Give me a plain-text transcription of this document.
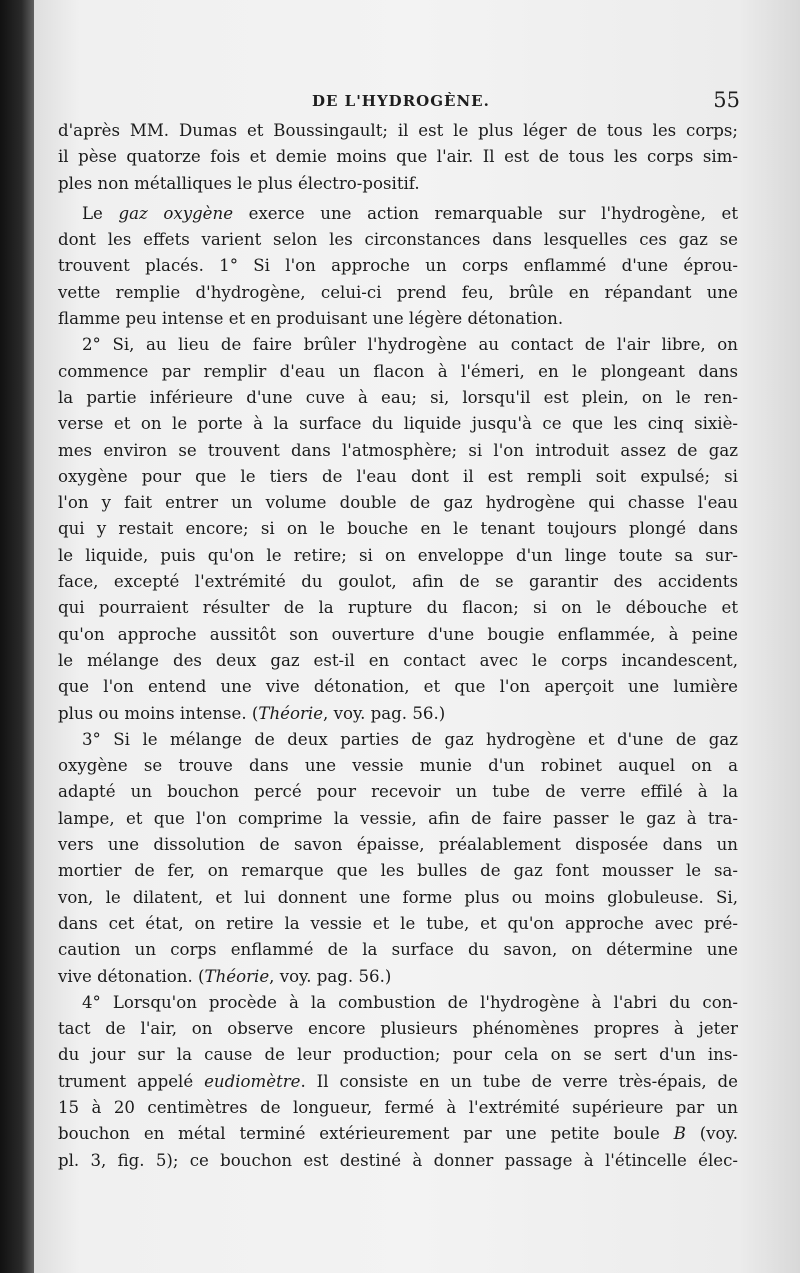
DE L'HYDROGÈNE.	55
d'après MM. Dumas et Boussingault; il est le plus léger de tous les corps;
il pèse quatorze fois et demie moins que l'air. Il est de tous les corps sim-
ples non métalliques le plus électro-positif.
Le gaz oxygène exerce une action remarquable sur l'hydrogène, et
dont les effets varient selon les circonstances dans lesquelles ces gaz se
trouvent placés. 1° Si l'on approche un corps enflammé d'une éprou-
vette remplie d'hydrogène, celui-ci prend feu, brûle en répandant une
flamme peu intense et en produisant une légère détonation.
2° Si, au lieu de faire brûler l'hydrogène au contact de l'air libre, on
commence par remplir d'eau un flacon à l'émeri, en le plongeant dans
la partie inférieure d'une cuve à eau; si, lorsqu'il est plein, on le ren-
verse et on le porte à la surface du liquide jusqu'à ce que les cinq sixiè-
mes environ se trouvent dans l'atmosphère; si l'on introduit assez de gaz
oxygène pour que le tiers de l'eau dont il est rempli soit expulsé; si
l'on y fait entrer un volume double de gaz hydrogène qui chasse l'eau
qui y restait encore; si on le bouche en le tenant toujours plongé dans
le liquide, puis qu'on le retire; si on enveloppe d'un linge toute sa sur-
face, excepté l'extrémité du goulot, afin de se garantir des accidents
qui pourraient résulter de la rupture du flacon; si on le débouche et
qu'on approche aussitôt son ouverture d'une bougie enflammée, à peine
le mélange des deux gaz est-il en contact avec le corps incandescent,
que l'on entend une vive détonation, et que l'on aperçoit une lumière
plus ou moins intense. (Théorie, voy. pag. 56.)
3° Si le mélange de deux parties de gaz hydrogène et d'une de gaz
oxygène se trouve dans une vessie munie d'un robinet auquel on a
adapté un bouchon percé pour recevoir un tube de verre effilé à la
lampe, et que l'on comprime la vessie, afin de faire passer le gaz à tra-
vers une dissolution de savon épaisse, préalablement disposée dans un
mortier de fer, on remarque que les bulles de gaz font mousser le sa-
von, le dilatent, et lui donnent une forme plus ou moins globuleuse. Si,
dans cet état, on retire la vessie et le tube, et qu'on approche avec pré-
caution un corps enflammé de la surface du savon, on détermine une
vive détonation. (Théorie, voy. pag. 56.)
4° Lorsqu'on procède à la combustion de l'hydrogène à l'abri du con-
tact de l'air, on observe encore plusieurs phénomènes propres à jeter
du jour sur la cause de leur production; pour cela on se sert d'un ins-
trument appelé eudiomètre. Il consiste en un tube de verre très-épais, de
15 à 20 centimètres de longueur, fermé à l'extrémité supérieure par un
bouchon en métal terminé extérieurement par une petite boule B (voy.
pl. 3, fig. 5); ce bouchon est destiné à donner passage à l'étincelle élec-
